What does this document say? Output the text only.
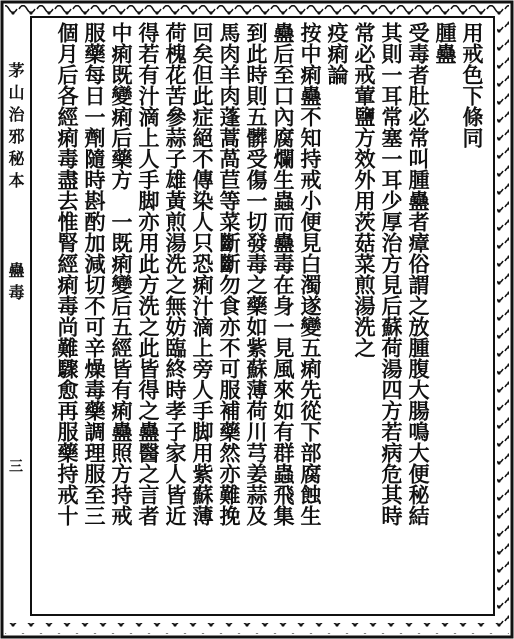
茅山治邪秘本
蠱毒
三
用戒色下條同
腫蠱
受毒者肚必常叫腫蠱者瘴俗謂之放腫腹大腸鳴大便秘結
其則一耳常塞一耳少厚治方見后蘇荷湯四方若病危其時
常必戒葷鹽方效外用茨菇菜煎湯洗之
疫痢論
按中痢蠱不知持戒小便見白濁遂變五痢先從下部腐蝕生
蠱后至口內腐爛生蟲而蠱毒在身一見風來如有群蟲飛集
到此時則五髒受傷一切發毒之藥如紫蘇薄荷川芎姜蒜及
馬肉羊肉蓬蒿萵苣等菜斷斷勿食亦不可服補藥然亦難挽
回矣但此症絕不傳染人只恐痢汁滴上旁人手脚用紫蘇薄
荷槐花苦參蒜子雄黃煎湯洗之無妨臨終時孝子家人皆近
得若有汁滴上人手脚亦用此方洗之此皆得之蠱醫之言者
中痢既變痢后藥方　一既痢變后五經皆有痢蠱照方持戒
服藥每日一劑隨時斟酌加減切不可辛燥毒藥調理服至三
個月后各經痢毒盡去惟腎經痢毒尚難驟愈再服藥持戒十
